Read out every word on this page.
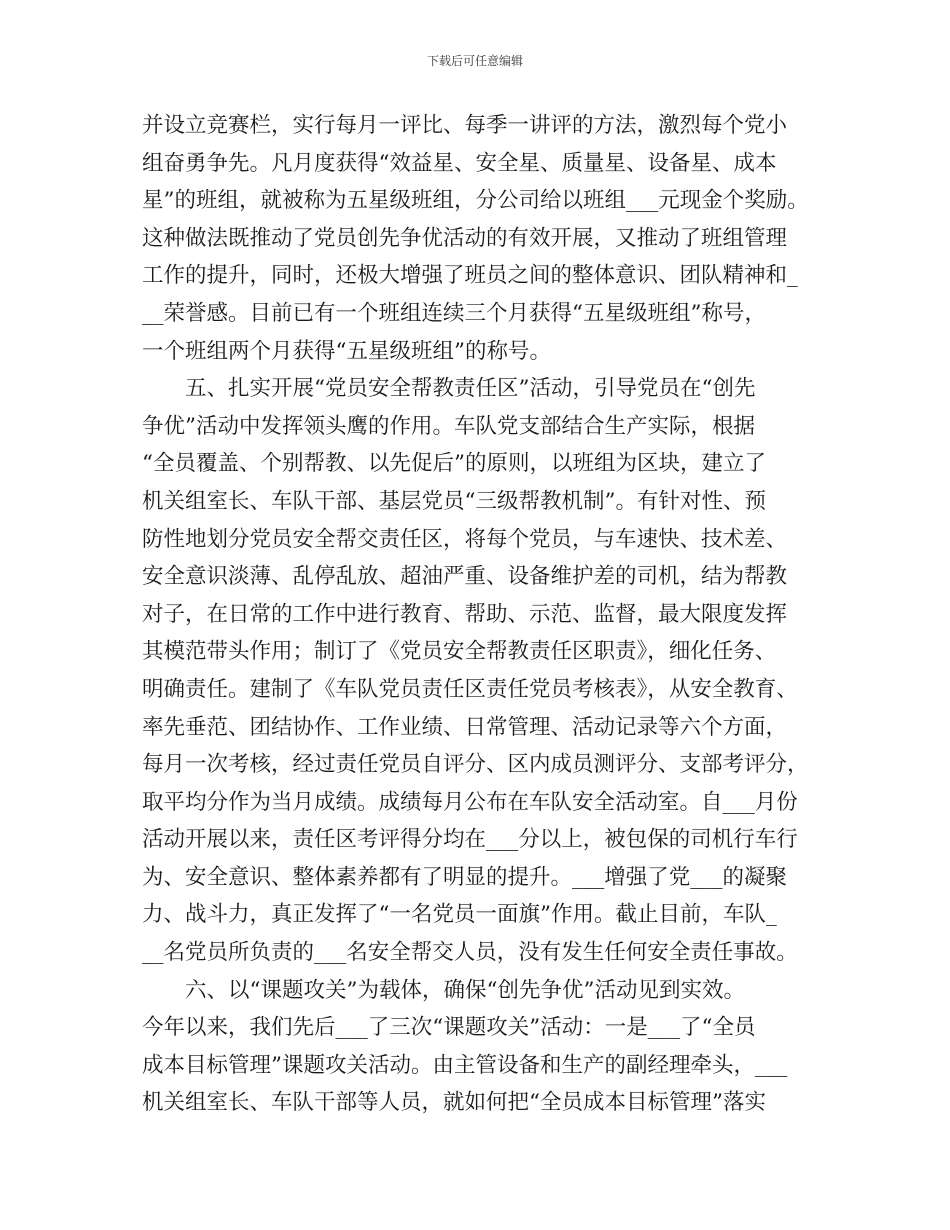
下载后可任意编辑
并设立竞赛栏，实行每月一评比、每季一讲评的方法，激烈每个党小
组奋勇争先。凡月度获得“效益星、安全星、质量星、设备星、成本
星”的班组，就被称为五星级班组，分公司给以班组___元现金个奖励。
这种做法既推动了党员创先争优活动的有效开展，又推动了班组管理
工作的提升，同时，还极大增强了班员之间的整体意识、团队精神和_
__荣誉感。目前已有一个班组连续三个月获得“五星级班组”称号，
一个班组两个月获得“五星级班组”的称号。
　　五、扎实开展“党员安全帮教责任区”活动，引导党员在“创先
争优”活动中发挥领头鹰的作用。车队党支部结合生产实际，根据
“全员覆盖、个别帮教、以先促后”的原则，以班组为区块，建立了
机关组室长、车队干部、基层党员“三级帮教机制”。有针对性、预
防性地划分党员安全帮交责任区，将每个党员，与车速快、技术差、
安全意识淡薄、乱停乱放、超油严重、设备维护差的司机，结为帮教
对子，在日常的工作中进行教育、帮助、示范、监督，最大限度发挥
其模范带头作用；制订了《党员安全帮教责任区职责》，细化任务、
明确责任。建制了《车队党员责任区责任党员考核表》，从安全教育、
率先垂范、团结协作、工作业绩、日常管理、活动记录等六个方面，
每月一次考核，经过责任党员自评分、区内成员测评分、支部考评分，
取平均分作为当月成绩。成绩每月公布在车队安全活动室。自___月份
活动开展以来，责任区考评得分均在___分以上，被包保的司机行车行
为、安全意识、整体素养都有了明显的提升。___增强了党___的凝聚
力、战斗力，真正发挥了“一名党员一面旗”作用。截止目前，车队_
__名党员所负责的___名安全帮交人员，没有发生任何安全责任事故。
　　六、以“课题攻关”为载体，确保“创先争优”活动见到实效。
今年以来，我们先后___了三次“课题攻关”活动：一是___了“全员
成本目标管理”课题攻关活动。由主管设备和生产的副经理牵头，___
机关组室长、车队干部等人员，就如何把“全员成本目标管理”落实
